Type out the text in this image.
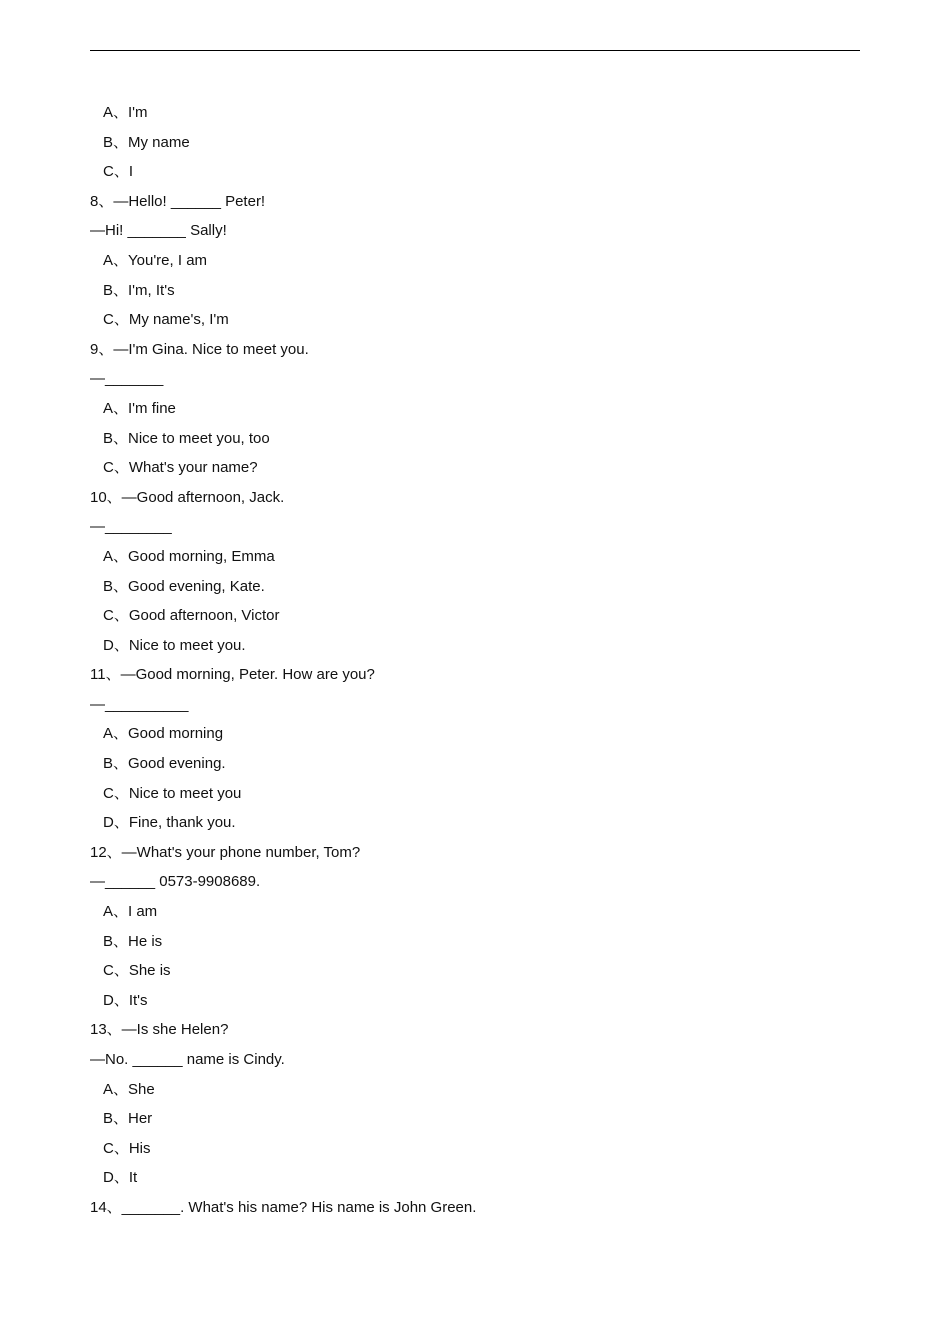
A、I'm
B、My name
C、I
8、—Hello! ______ Peter!
—Hi! _______ Sally!
A、You're, I am
B、I'm, It's
C、My name's, I'm
9、—I'm Gina. Nice to meet you.
—_______
A、I'm fine
B、Nice to meet you, too
C、What's your name?
10、—Good afternoon, Jack.
—________
A、Good morning, Emma
B、Good evening, Kate.
C、Good afternoon, Victor
D、Nice to meet you.
11、—Good morning, Peter. How are you?
—__________
A、Good morning
B、Good evening.
C、Nice to meet you
D、Fine, thank you.
12、—What's your phone number, Tom?
—______ 0573-9908689.
A、I am
B、He is
C、She is
D、It's
13、—Is she Helen?
—No. ______ name is Cindy.
A、She
B、Her
C、His
D、It
14、_______. What's his name? His name is John Green.
